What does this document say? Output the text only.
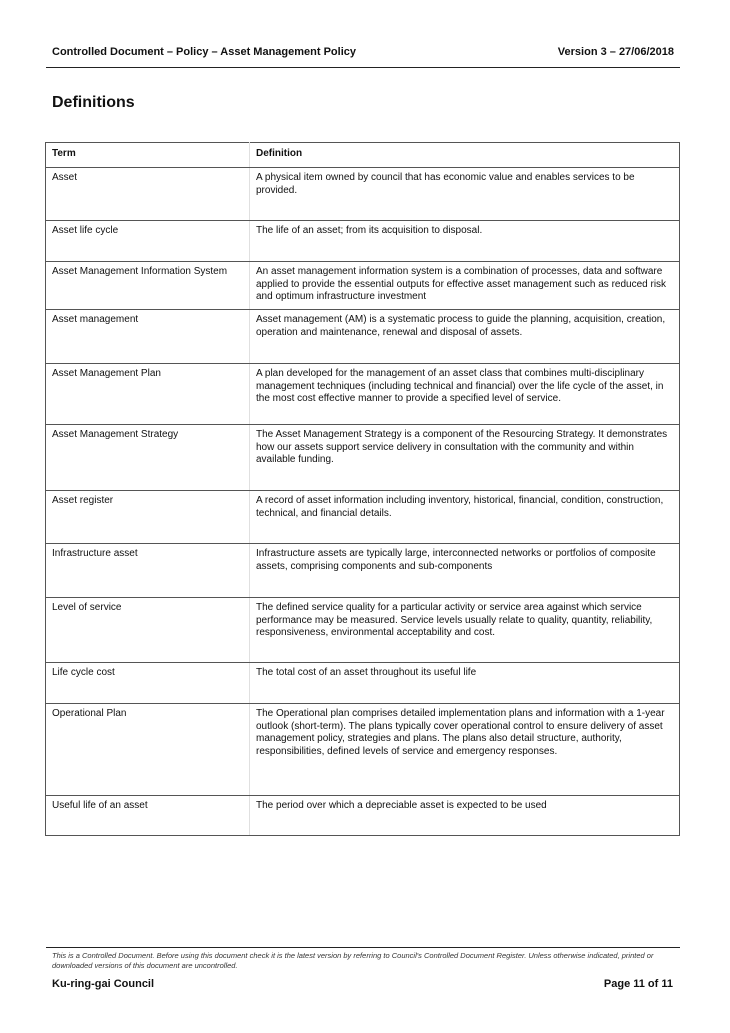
Controlled Document – Policy – Asset Management Policy	Version 3 – 27/06/2018
Definitions
Term	Definition
Asset	A physical item owned by council that has economic value and enables services to be provided.
Asset life cycle	The life of an asset; from its acquisition to disposal.
Asset Management Information System	An asset management information system is a combination of processes, data and software applied to provide the essential outputs for effective asset management such as reduced risk and optimum infrastructure investment
Asset management	Asset management (AM) is a systematic process to guide the planning, acquisition, creation, operation and maintenance, renewal and disposal of assets.
Asset Management Plan	A plan developed for the management of an asset class that combines multi-disciplinary management techniques (including technical and financial) over the life cycle of the asset, in the most cost effective manner to provide a specified level of service.
Asset Management Strategy	The Asset Management Strategy is a component of the Resourcing Strategy. It demonstrates how our assets support service delivery in consultation with the community and within available funding.
Asset register	A record of asset information including inventory, historical, financial, condition, construction, technical, and financial details.
Infrastructure asset	Infrastructure assets are typically large, interconnected networks or portfolios of composite assets, comprising components and sub-components
Level of service	The defined service quality for a particular activity or service area against which service performance may be measured. Service levels usually relate to quality, quantity, reliability, responsiveness, environmental acceptability and cost.
Life cycle cost	The total cost of an asset throughout its useful life
Operational Plan	The Operational plan comprises detailed implementation plans and information with a 1-year outlook (short-term). The plans typically cover operational control to ensure delivery of asset management policy, strategies and plans. The plans also detail structure, authority, responsibilities, defined levels of service and emergency responses.
Useful life of an asset	The period over which a depreciable asset is expected to be used
This is a Controlled Document. Before using this document check it is the latest version by referring to Council's Controlled Document Register. Unless otherwise indicated, printed or downloaded versions of this document are uncontrolled.
Ku-ring-gai Council	Page 11 of 11
